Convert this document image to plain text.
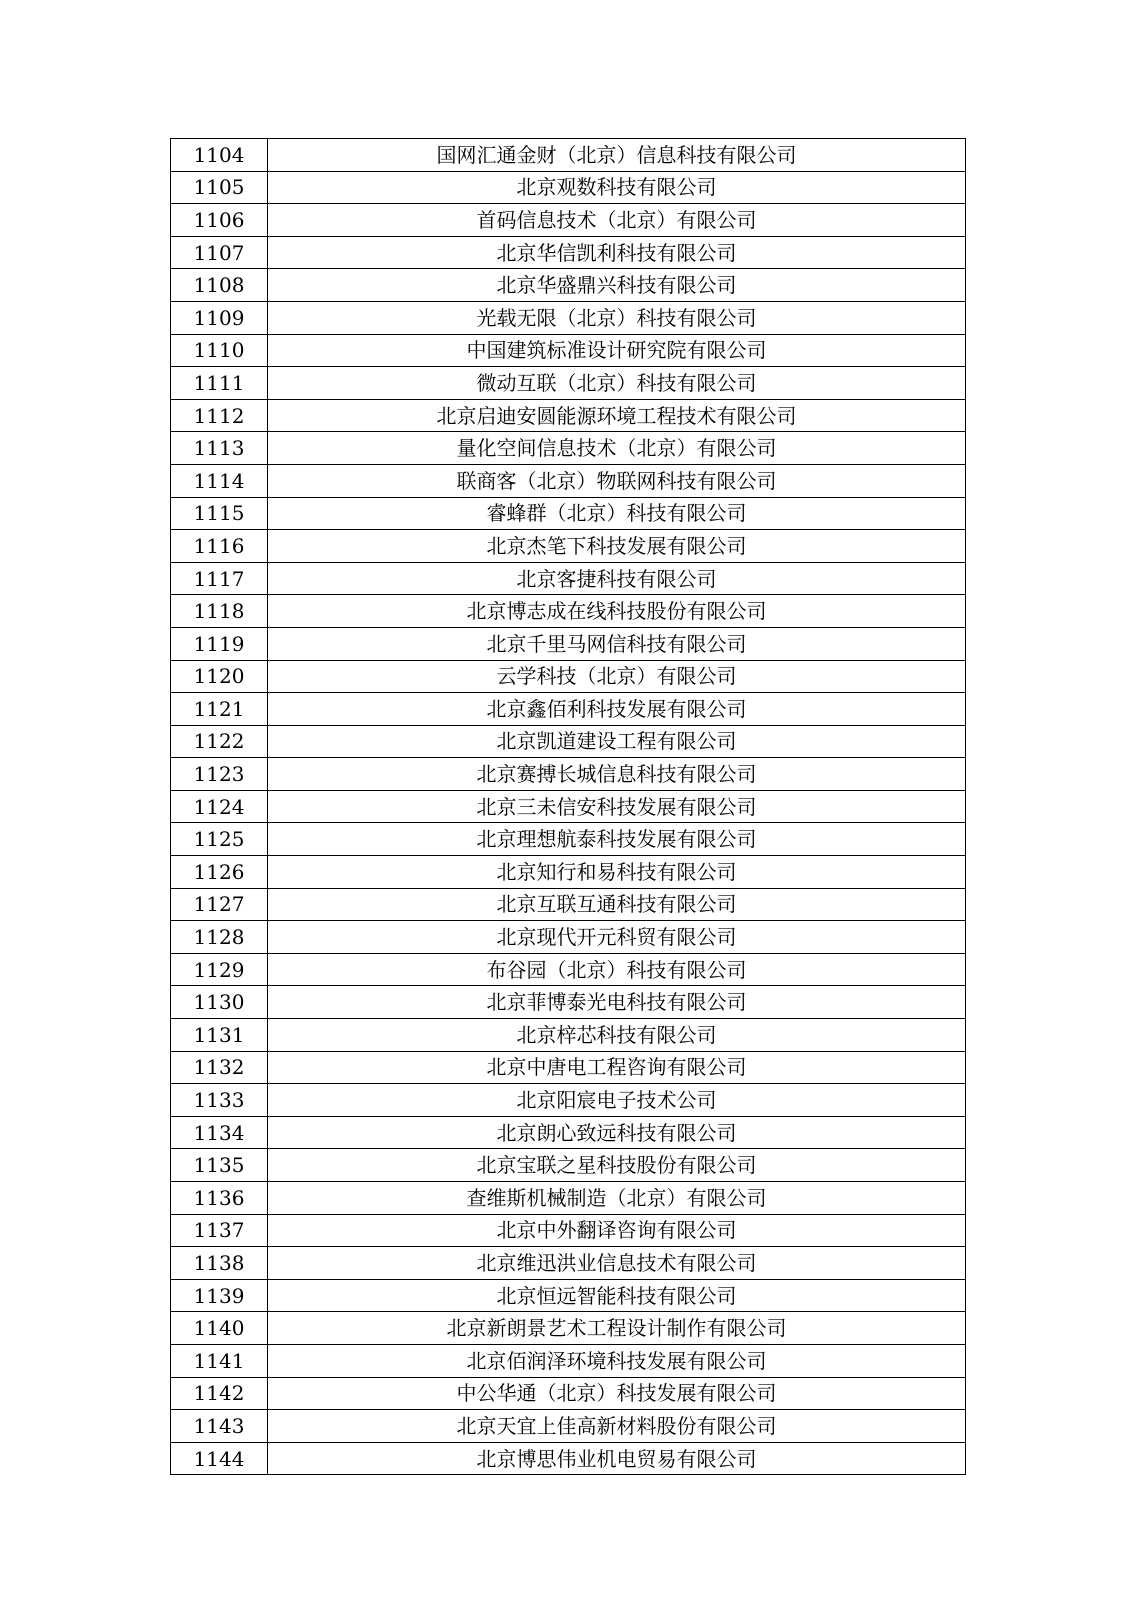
1104	国网汇通金财（北京）信息科技有限公司
1105	北京观数科技有限公司
1106	首码信息技术（北京）有限公司
1107	北京华信凯利科技有限公司
1108	北京华盛鼎兴科技有限公司
1109	光载无限（北京）科技有限公司
1110	中国建筑标准设计研究院有限公司
1111	微动互联（北京）科技有限公司
1112	北京启迪安圆能源环境工程技术有限公司
1113	量化空间信息技术（北京）有限公司
1114	联商客（北京）物联网科技有限公司
1115	睿蜂群（北京）科技有限公司
1116	北京杰笔下科技发展有限公司
1117	北京客捷科技有限公司
1118	北京博志成在线科技股份有限公司
1119	北京千里马网信科技有限公司
1120	云学科技（北京）有限公司
1121	北京鑫佰利科技发展有限公司
1122	北京凯道建设工程有限公司
1123	北京赛搏长城信息科技有限公司
1124	北京三未信安科技发展有限公司
1125	北京理想航泰科技发展有限公司
1126	北京知行和易科技有限公司
1127	北京互联互通科技有限公司
1128	北京现代开元科贸有限公司
1129	布谷园（北京）科技有限公司
1130	北京菲博泰光电科技有限公司
1131	北京梓芯科技有限公司
1132	北京中唐电工程咨询有限公司
1133	北京阳宸电子技术公司
1134	北京朗心致远科技有限公司
1135	北京宝联之星科技股份有限公司
1136	查维斯机械制造（北京）有限公司
1137	北京中外翻译咨询有限公司
1138	北京维迅洪业信息技术有限公司
1139	北京恒远智能科技有限公司
1140	北京新朗景艺术工程设计制作有限公司
1141	北京佰润泽环境科技发展有限公司
1142	中公华通（北京）科技发展有限公司
1143	北京天宜上佳高新材料股份有限公司
1144	北京博思伟业机电贸易有限公司
